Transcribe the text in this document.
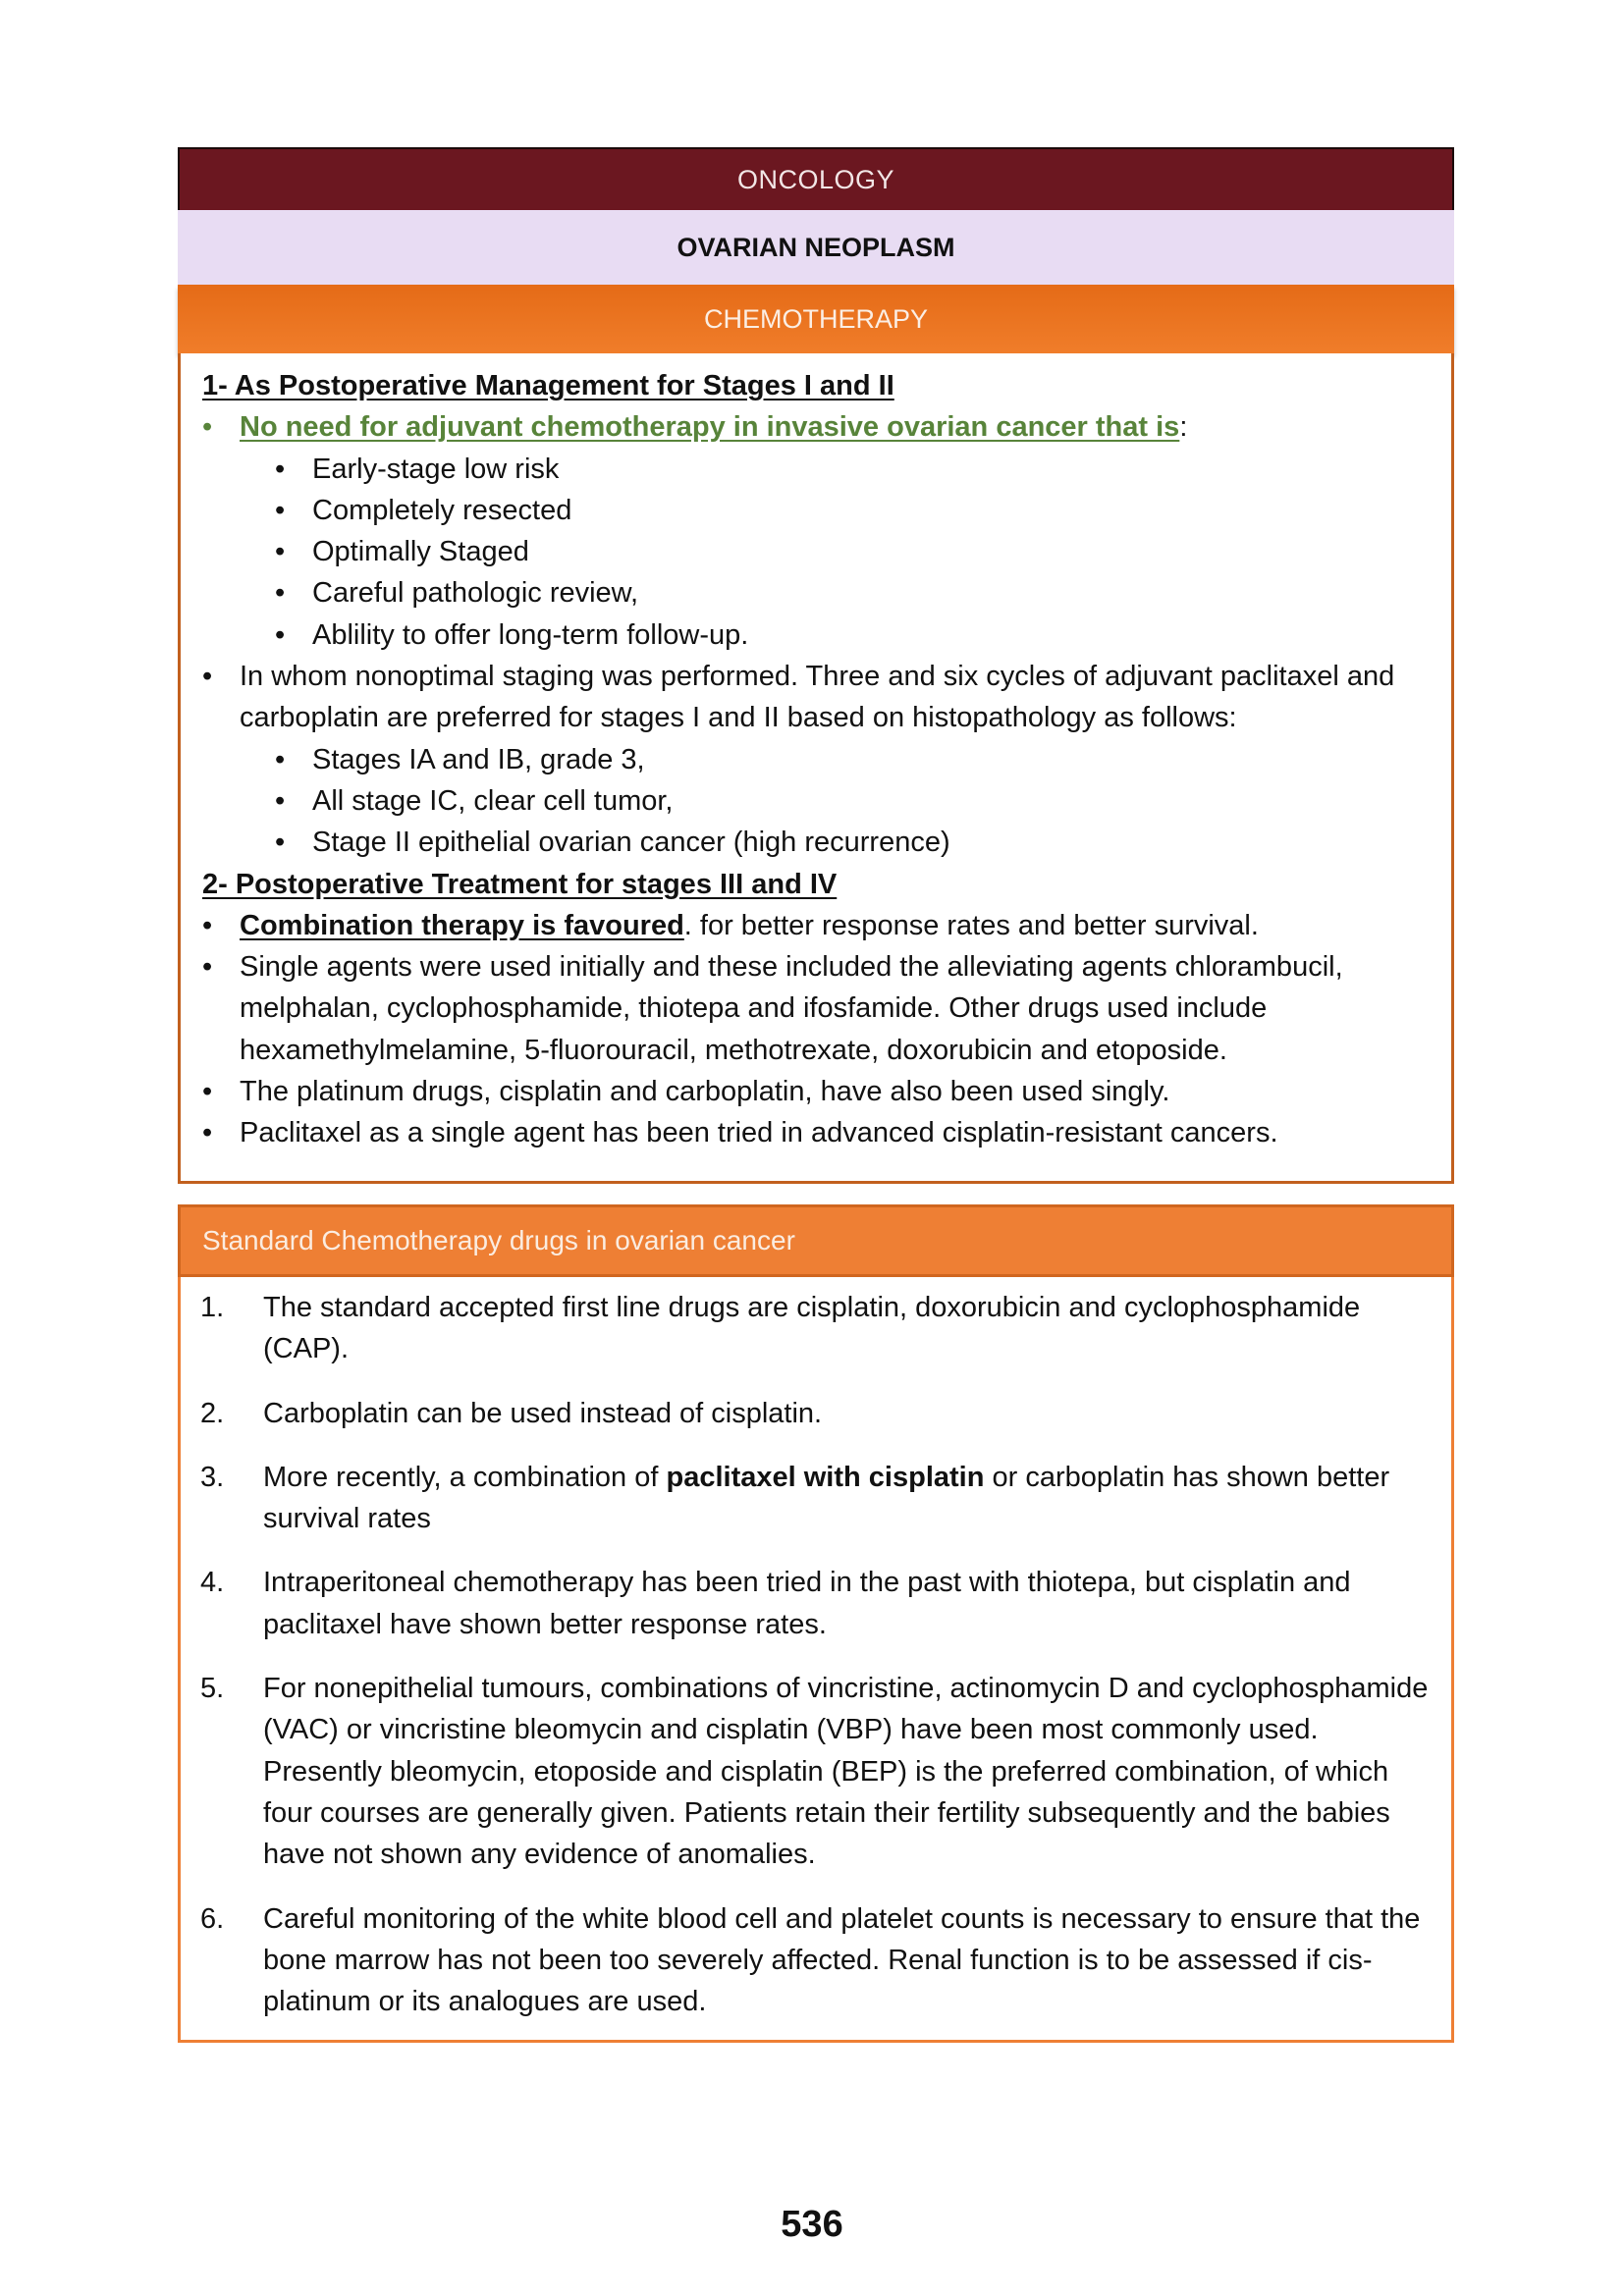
ONCOLOGY
OVARIAN NEOPLASM
CHEMOTHERAPY
1- As Postoperative Management for Stages I and II
• No need for adjuvant chemotherapy in invasive ovarian cancer that is:
• Early-stage low risk
• Completely resected
• Optimally Staged
• Careful pathologic review,
• Ablility to offer long-term follow-up.
• In whom nonoptimal staging was performed. Three and six cycles of adjuvant paclitaxel and carboplatin are preferred for stages I and II based on histopathology as follows:
• Stages IA and IB, grade 3,
• All stage IC, clear cell tumor,
• Stage II epithelial ovarian cancer (high recurrence)
2- Postoperative Treatment for stages III and IV
• Combination therapy is favoured. for better response rates and better survival.
• Single agents were used initially and these included the alleviating agents chlorambucil, melphalan, cyclophosphamide, thiotepa and ifosfamide. Other drugs used include hexamethylmelamine, 5-fluorouracil, methotrexate, doxorubicin and etoposide.
• The platinum drugs, cisplatin and carboplatin, have also been used singly.
• Paclitaxel as a single agent has been tried in advanced cisplatin-resistant cancers.
Standard Chemotherapy drugs in ovarian cancer
1.	The standard accepted first line drugs are cisplatin, doxorubicin and cyclophosphamide (CAP).
2.	Carboplatin can be used instead of cisplatin.
3.	More recently, a combination of paclitaxel with cisplatin or carboplatin has shown better survival rates
4.	Intraperitoneal chemotherapy has been tried in the past with thiotepa, but cisplatin and paclitaxel have shown better response rates.
5.	For nonepithelial tumours, combinations of vincristine, actinomycin D and cyclophosphamide (VAC) or vincristine bleomycin and cisplatin (VBP) have been most commonly used. Presently bleomycin, etoposide and cisplatin (BEP) is the preferred combination, of which four courses are generally given. Patients retain their fertility subsequently and the babies have not shown any evidence of anomalies.
6.	Careful monitoring of the white blood cell and platelet counts is necessary to ensure that the bone marrow has not been too severely affected. Renal function is to be assessed if cis-platinum or its analogues are used.
536
